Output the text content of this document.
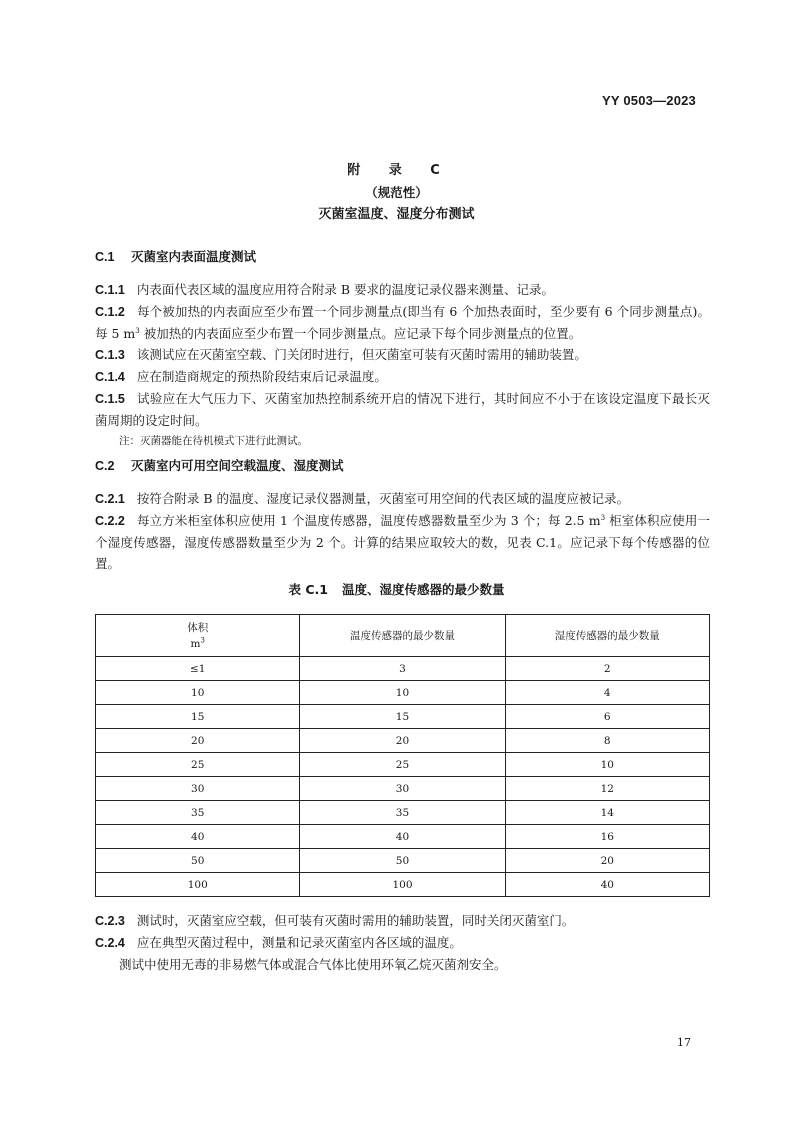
YY 0503—2023
附 录 C
（规范性）
灭菌室温度、湿度分布测试
C.1 灭菌室内表面温度测试
C.1.1 内表面代表区域的温度应用符合附录 B 要求的温度记录仪器来测量、记录。
C.1.2 每个被加热的内表面应至少布置一个同步测量点(即当有 6 个加热表面时，至少要有 6 个同步测量点)。每 5 $m^3$ 被加热的内表面应至少布置一个同步测量点。应记录下每个同步测量点的位置。
C.1.3 该测试应在灭菌室空载、门关闭时进行，但灭菌室可装有灭菌时需用的辅助装置。
C.1.4 应在制造商规定的预热阶段结束后记录温度。
C.1.5 试验应在大气压力下、灭菌室加热控制系统开启的情况下进行，其时间应不小于在该设定温度下最长灭菌周期的设定时间。
注：灭菌器能在待机模式下进行此测试。
C.2 灭菌室内可用空间空载温度、湿度测试
C.2.1 按符合附录 B 的温度、湿度记录仪器测量，灭菌室可用空间的代表区域的温度应被记录。
C.2.2 每立方米柜室体积应使用 1 个温度传感器，温度传感器数量至少为 3 个；每 2.5 $m^3$ 柜室体积应使用一个湿度传感器，湿度传感器数量至少为 2 个。计算的结果应取较大的数，见表 C.1。应记录下每个传感器的位置。
表 C.1 温度、湿度传感器的最少数量
体积
$m^3$	温度传感器的最少数量	湿度传感器的最少数量
≤1	3	2
10	10	4
15	15	6
20	20	8
25	25	10
30	30	12
35	35	14
40	40	16
50	50	20
100	100	40
C.2.3 测试时，灭菌室应空载，但可装有灭菌时需用的辅助装置，同时关闭灭菌室门。
C.2.4 应在典型灭菌过程中，测量和记录灭菌室内各区域的温度。
测试中使用无毒的非易燃气体或混合气体比使用环氧乙烷灭菌剂安全。
17
